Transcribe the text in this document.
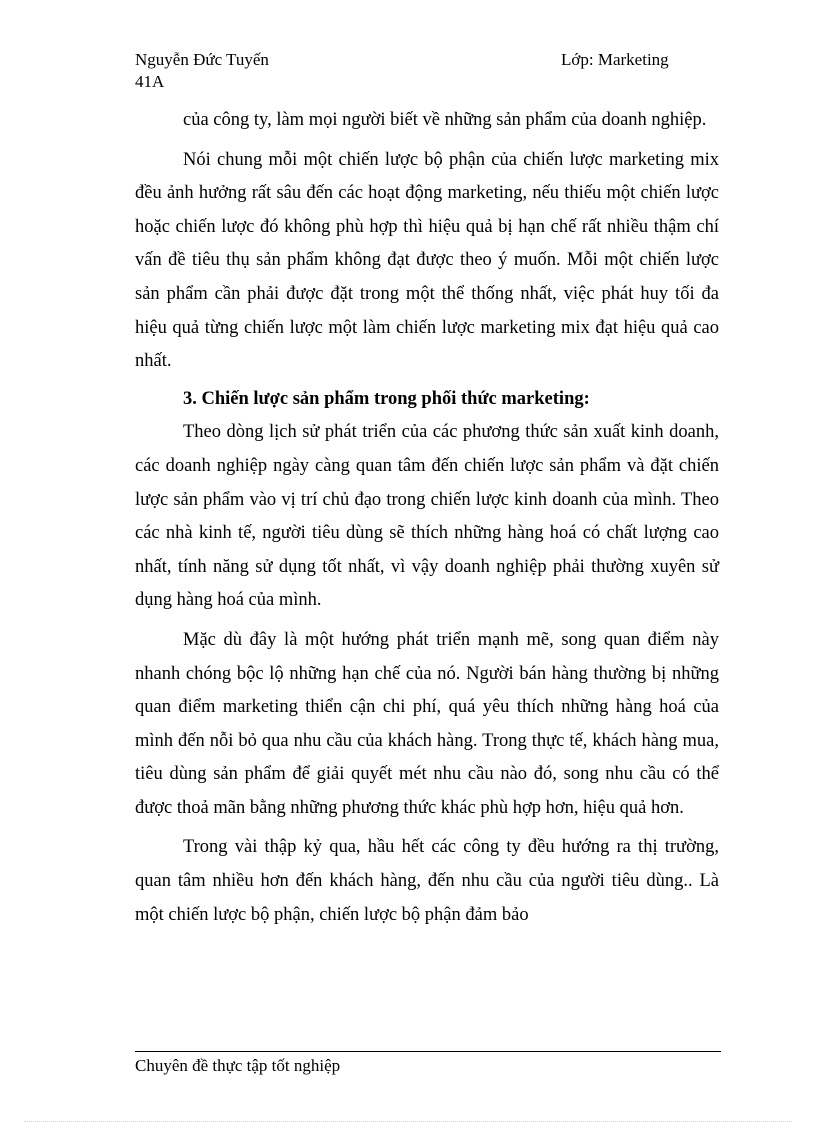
Nguyễn Đức Tuyến
41A
Lớp: Marketing

của công ty, làm mọi người biết về những sản phẩm của doanh nghiệp.

Nói chung mỗi một chiến lược bộ phận của chiến lược marketing mix đều ảnh hưởng rất sâu đến các hoạt động marketing, nếu thiếu một chiến lược hoặc chiến lược đó không phù hợp thì hiệu quả bị hạn chế rất nhiều thậm chí vấn đề tiêu thụ sản phẩm không đạt được theo ý muốn. Mỗi một chiến lược sản phẩm cần phải được đặt trong một thể thống nhất, việc phát huy tối đa hiệu quả từng chiến lược một làm chiến lược marketing mix đạt hiệu quả cao nhất.

3. Chiến lược sản phẩm trong phối thức marketing:

Theo dòng lịch sử phát triển của các phương thức sản xuất kinh doanh, các doanh nghiệp ngày càng quan tâm đến chiến lược sản phẩm và đặt chiến lược sản phẩm vào vị trí chủ đạo trong chiến lược kinh doanh của mình. Theo các nhà kinh tế, người tiêu dùng sẽ thích những hàng hoá có chất lượng cao nhất, tính năng sử dụng tốt nhất, vì vậy doanh nghiệp phải thường xuyên sử dụng hàng hoá của mình.

Mặc dù đây là một hướng phát triển mạnh mẽ, song quan điểm này nhanh chóng bộc lộ những hạn chế của nó. Người bán hàng thường bị những quan điểm marketing thiển cận chi phí, quá yêu thích những hàng hoá của mình đến nỗi bỏ qua nhu cầu của khách hàng. Trong thực tế, khách hàng mua, tiêu dùng sản phẩm để giải quyết mét nhu cầu nào đó, song nhu cầu có thể được thoả mãn bằng những phương thức khác phù hợp hơn, hiệu quả hơn.

Trong vài thập kỷ qua, hầu hết các công ty đều hướng ra thị trường, quan tâm nhiều hơn đến khách hàng, đến nhu cầu của người tiêu dùng.. Là một chiến lược bộ phận, chiến lược bộ phận đảm bảo

Chuyên đề thực tập tốt nghiệp
